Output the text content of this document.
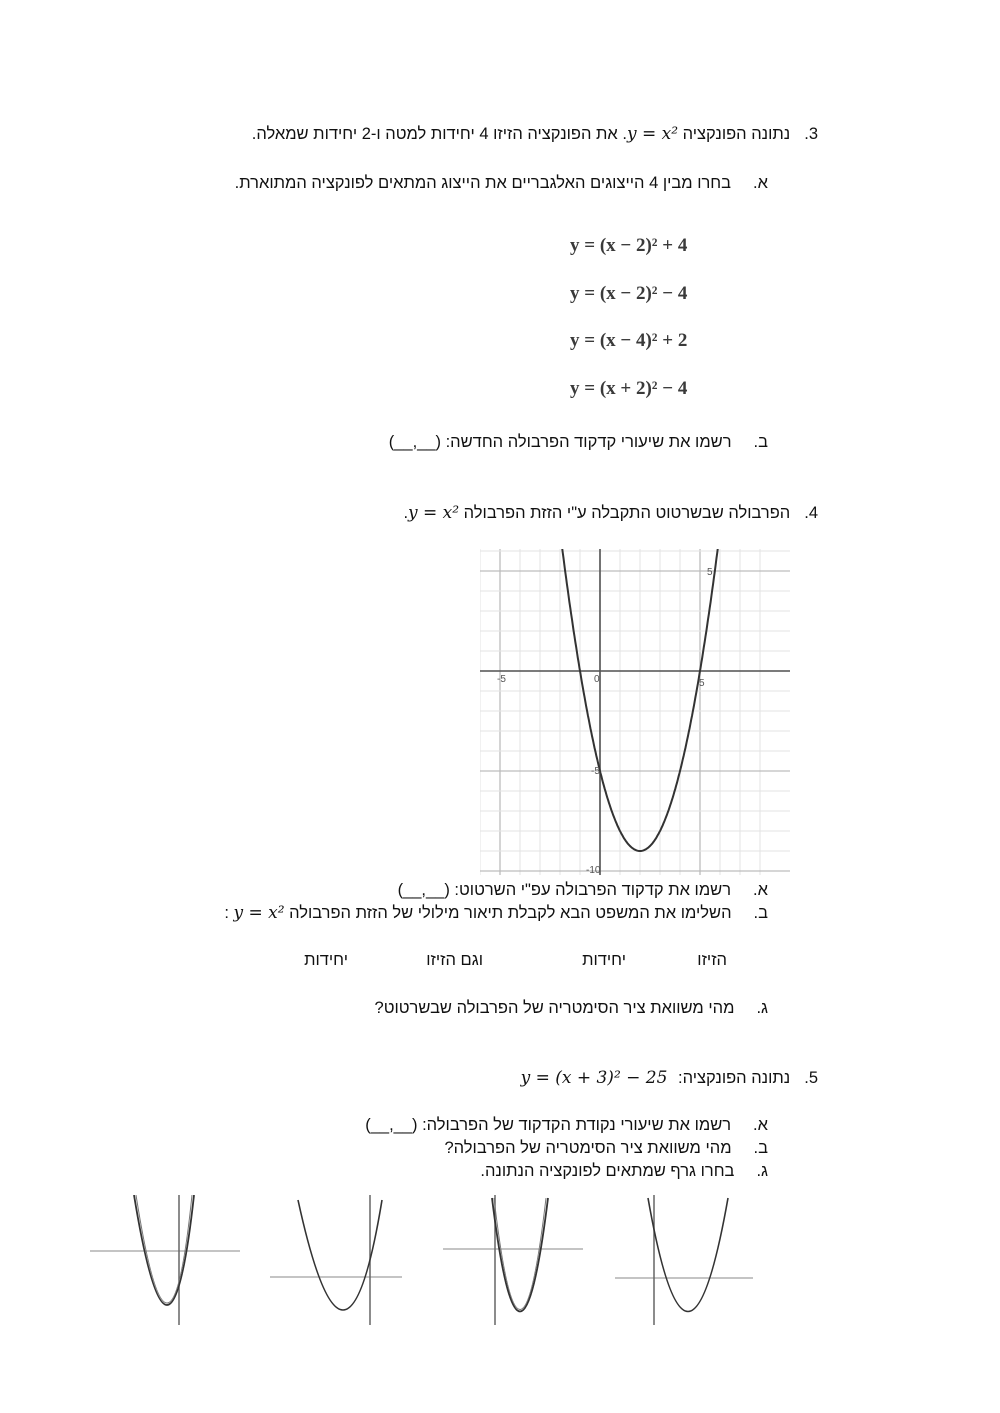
3.נתונה הפונקציה y = x². את הפונקציה הזיזו 4 יחידות למטה ו-2 יחידות שמאלה.
א.בחרו מבין 4 הייצוגים האלגבריים את הייצוג המתאים לפונקציה המתוארת.
y = (x − 2)² + 4
y = (x − 2)² − 4
y = (x − 4)² + 2
y = (x + 2)² − 4
ב.רשמו את שיעורי קדקוד הפרבולה החדשה: (__,__)
4.הפרבולה שבשרטוט התקבלה ע"י הזזת הפרבולה y = x².
5
-5	0	5
-5
-10
א.רשמו את קדקוד הפרבולה עפ"י השרטוט: (__,__)
ב.השלימו את המשפט הבא לקבלת תיאור מילולי של הזזת הפרבולה y = x² :
הזיזו
יחידות
וגם הזיזו
יחידות
ג.מהי משוואת ציר הסימטריה של הפרבולה שבשרטוט?
5.נתונה הפונקציה: y = (x + 3)² − 25
א.רשמו את שיעורי נקודת הקדקוד של הפרבולה: (__,__)
ב.מהי משוואת ציר הסימטריה של הפרבולה?
ג.בחרו גרף שמתאים לפונקציה הנתונה.
